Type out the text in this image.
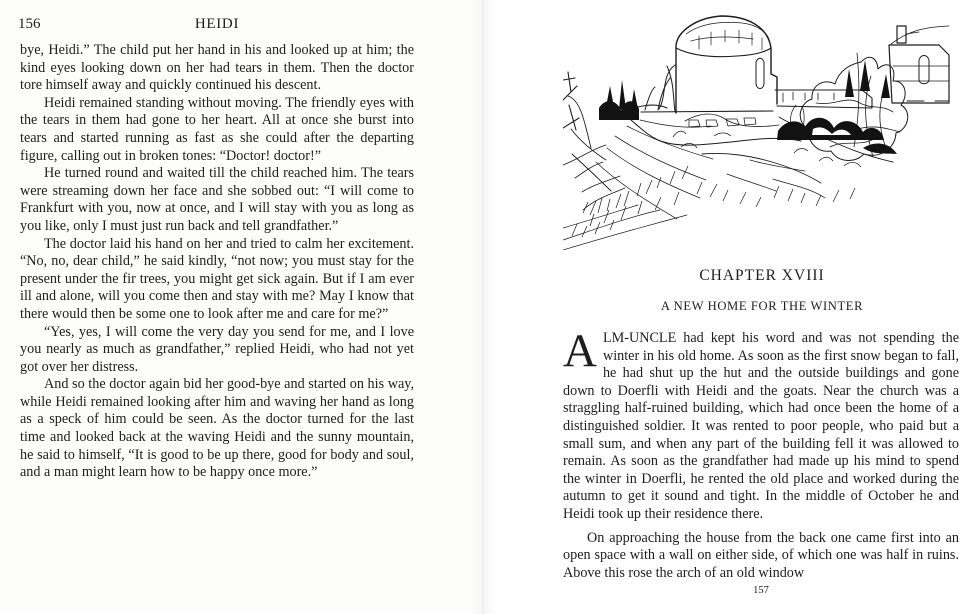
156	HEIDI

bye, Heidi.” The child put her hand in his and looked up at him; the kind eyes looking down on her had tears in them. Then the doctor tore himself away and quickly continued his descent.

Heidi remained standing without moving. The friendly eyes with the tears in them had gone to her heart. All at once she burst into tears and started running as fast as she could after the departing figure, calling out in broken tones: “Doctor! doctor!”

He turned round and waited till the child reached him. The tears were streaming down her face and she sobbed out: “I will come to Frankfurt with you, now at once, and I will stay with you as long as you like, only I must just run back and tell grandfather.”

The doctor laid his hand on her and tried to calm her excitement. “No, no, dear child,” he said kindly, “not now; you must stay for the present under the fir trees, you might get sick again. But if I am ever ill and alone, will you come then and stay with me? May I know that there would then be some one to look after me and care for me?”

“Yes, yes, I will come the very day you send for me, and I love you nearly as much as grandfather,” replied Heidi, who had not yet got over her distress.

And so the doctor again bid her good-bye and started on his way, while Heidi remained looking after him and waving her hand as long as a speck of him could be seen. As the doctor turned for the last time and looked back at the waving Heidi and the sunny mountain, he said to himself, “It is good to be up there, good for body and soul, and a man might learn how to be happy once more.”

CHAPTER XVIII
A NEW HOME FOR THE WINTER

A LM-UNCLE had kept his word and was not spending the winter in his old home. As soon as the first snow began to fall, he had shut up the hut and the outside buildings and gone down to Doerfli with Heidi and the goats. Near the church was a straggling half-ruined building, which had once been the home of a distinguished soldier. It was rented to poor people, who paid but a small sum, and when any part of the building fell it was allowed to remain. As soon as the grandfather had made up his mind to spend the winter in Doerfli, he rented the old place and worked during the autumn to get it sound and tight. In the middle of October he and Heidi took up their residence there.

On approaching the house from the back one came first into an open space with a wall on either side, of which one was half in ruins. Above this rose the arch of an old window

157
